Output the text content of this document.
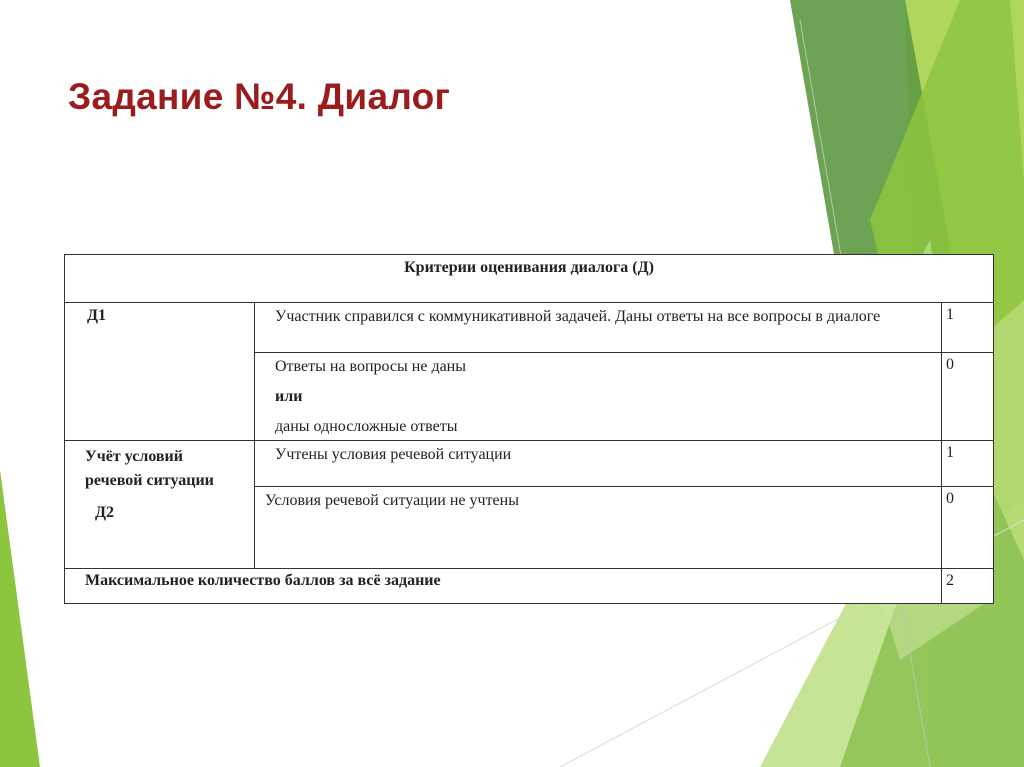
Задание №4. Диалог
Критерии оценивания диалога (Д)		
Д1	Участник справился с коммуникативной задачей. Даны ответы на все вопросы в диалоге	1

	Ответы на вопросы не даны

или

даны односложные ответы	0
Учёт условий
речевой ситуации
Д2	Учтены условия речевой ситуации	1
	Условия речевой ситуации не учтены	0
Максимальное количество баллов за всё задание		2
